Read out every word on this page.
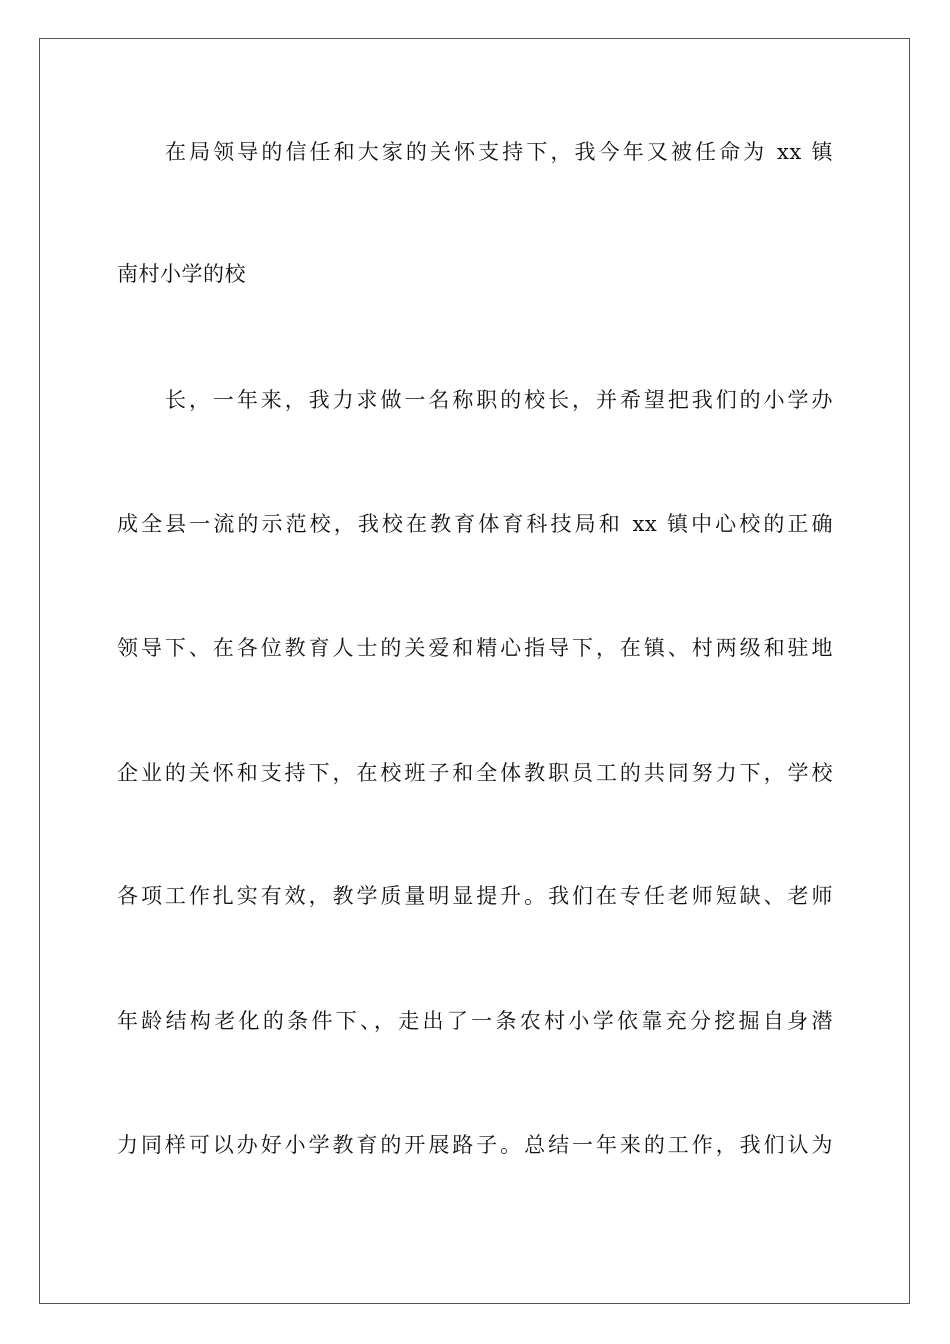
在局领导的信任和大家的关怀支持下，我今年又被任命为 xx 镇
南村小学的校
长，一年来，我力求做一名称职的校长，并希望把我们的小学办
成全县一流的示范校，我校在教育体育科技局和 xx 镇中心校的正确
领导下、在各位教育人士的关爱和精心指导下，在镇、村两级和驻地
企业的关怀和支持下，在校班子和全体教职员工的共同努力下，学校
各项工作扎实有效，教学质量明显提升。我们在专任老师短缺、老师
年龄结构老化的条件下、，走出了一条农村小学依靠充分挖掘自身潜
力同样可以办好小学教育的开展路子。总结一年来的工作，我们认为
